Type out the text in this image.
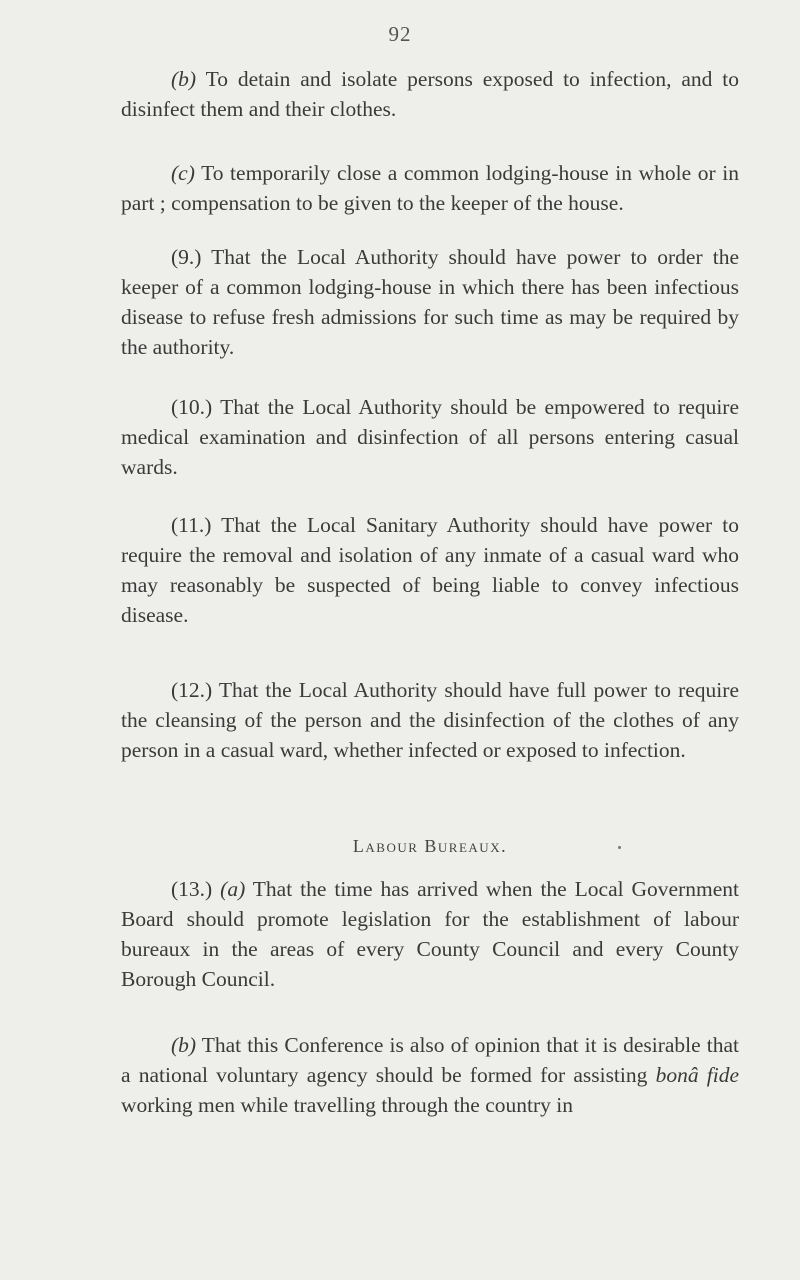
92

(b) To detain and isolate persons exposed to infection, and to disinfect them and their clothes.

(c) To temporarily close a common lodging-house in whole or in part ; compensation to be given to the keeper of the house.

(9.) That the Local Authority should have power to order the keeper of a common lodging-house in which there has been infectious disease to refuse fresh admissions for such time as may be required by the authority.

(10.) That the Local Authority should be empowered to require medical examination and disinfection of all persons entering casual wards.

(11.) That the Local Sanitary Authority should have power to require the removal and isolation of any inmate of a casual ward who may reasonably be suspected of being liable to convey infectious disease.

(12.) That the Local Authority should have full power to require the cleansing of the person and the disinfection of the clothes of any person in a casual ward, whether infected or exposed to infection.

Labour Bureaux.

(13.) (a) That the time has arrived when the Local Government Board should promote legislation for the establishment of labour bureaux in the areas of every County Council and every County Borough Council.

(b) That this Conference is also of opinion that it is desirable that a national voluntary agency should be formed for assisting bonâ fide working men while travelling through the country in
